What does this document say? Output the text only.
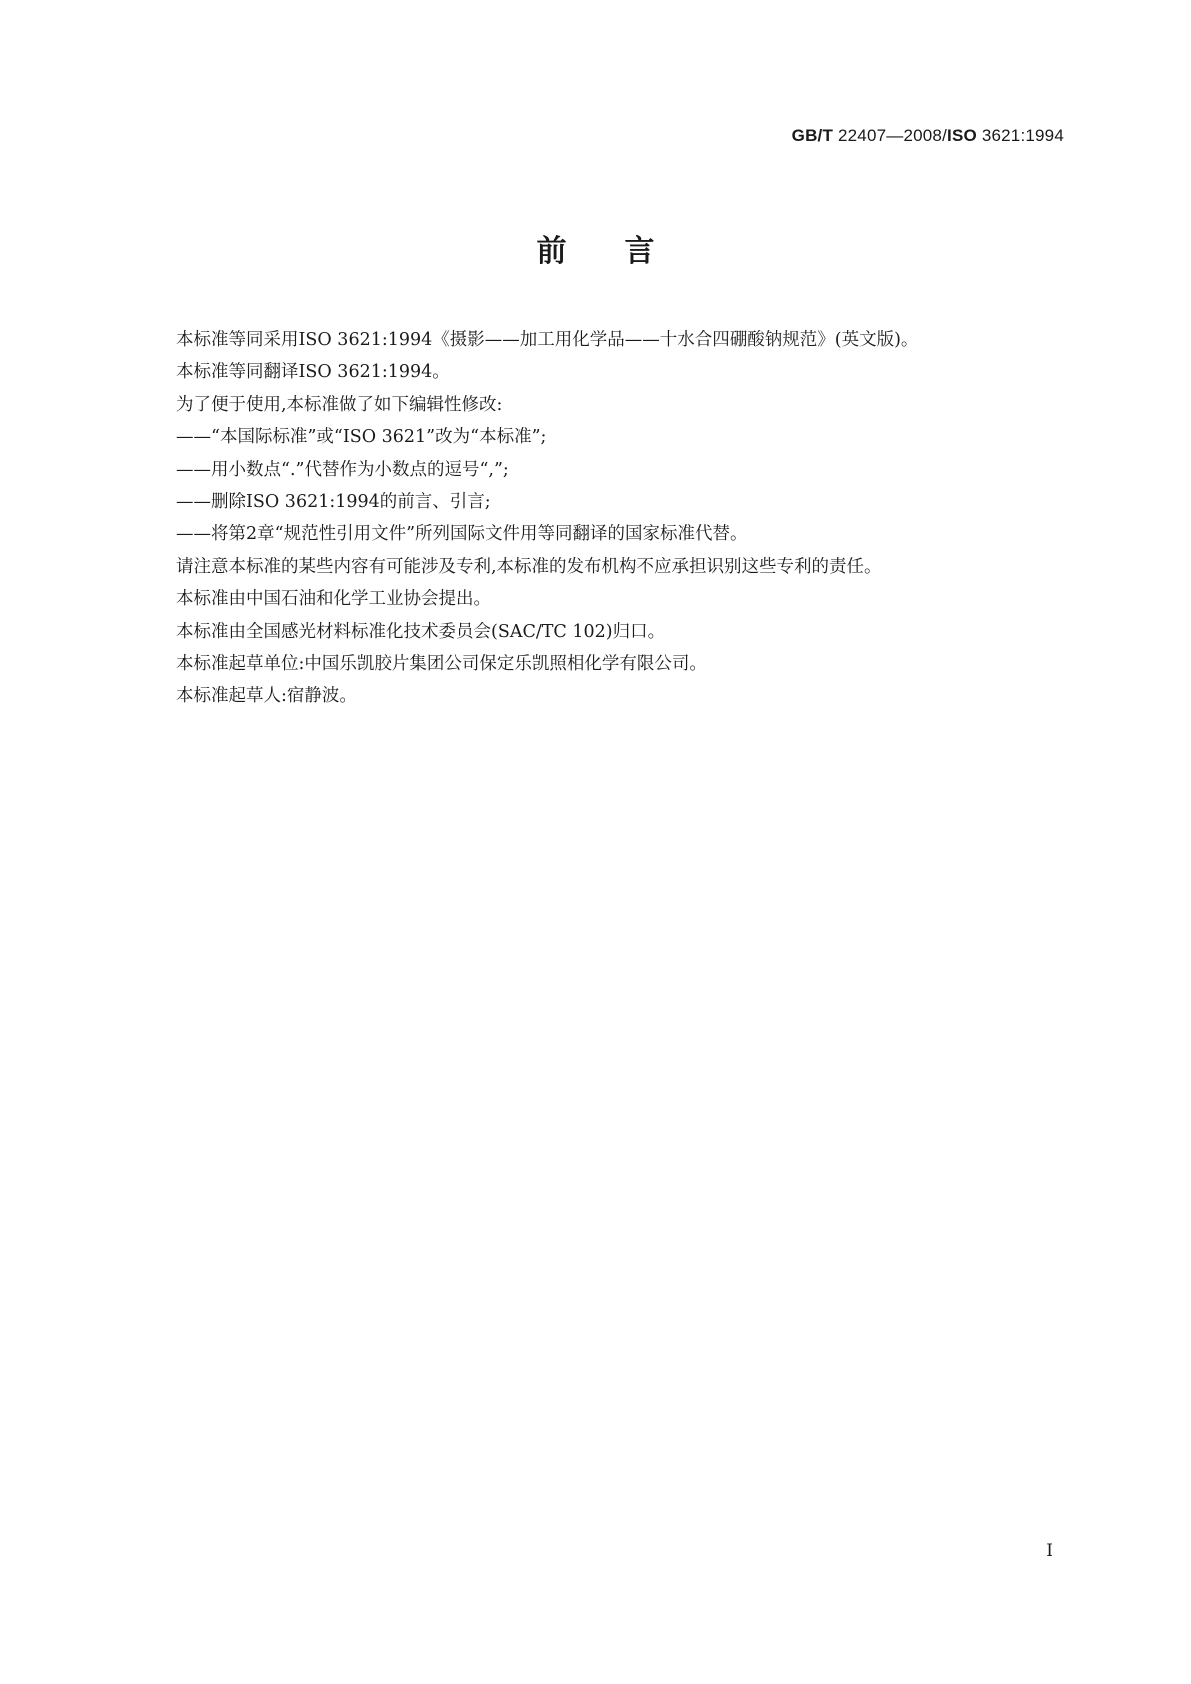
GB/T 22407—2008/ISO 3621:1994
前言

本标准等同采用ISO 3621:1994《摄影——加工用化学品——十水合四硼酸钠规范》(英文版)。

本标准等同翻译ISO 3621:1994。

为了便于使用,本标准做了如下编辑性修改:

——“本国际标准”或“ISO 3621”改为“本标准”;

——用小数点“.”代替作为小数点的逗号“,”;

——删除ISO 3621:1994的前言、引言;

——将第2章“规范性引用文件”所列国际文件用等同翻译的国家标准代替。

请注意本标准的某些内容有可能涉及专利,本标准的发布机构不应承担识别这些专利的责任。

本标准由中国石油和化学工业协会提出。

本标准由全国感光材料标准化技术委员会(SAC/TC 102)归口。

本标准起草单位:中国乐凯胶片集团公司保定乐凯照相化学有限公司。

本标准起草人:宿静波。

I
